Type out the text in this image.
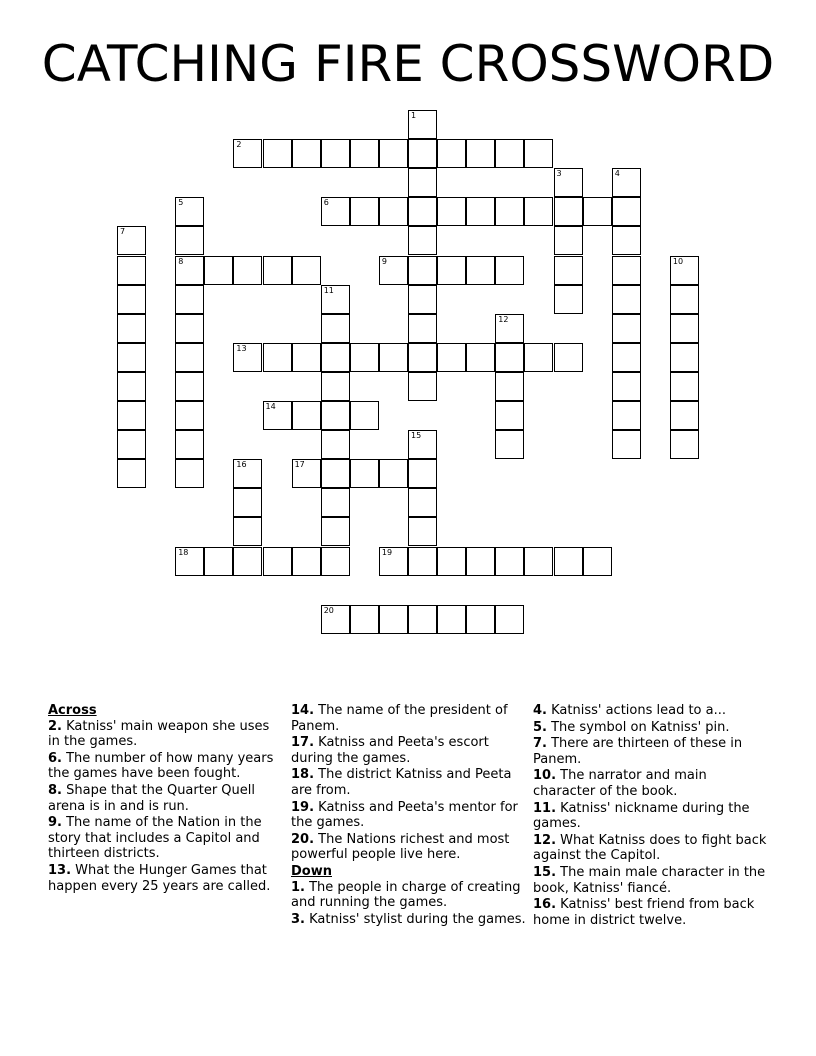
CATCHING FIRE CROSSWORD
1
2
3	4
5
8
6
7
9	10
11
12
13
14
15
16	17
18	19
20
Across
2. Katniss' main weapon she uses in the games.
6. The number of how many years the games have been fought.
8. Shape that the Quarter Quell arena is in and is run.
9. The name of the Nation in the story that includes a Capitol and thirteen districts.
13. What the Hunger Games that happen every 25 years are called.
14. The name of the president of Panem.
17. Katniss and Peeta's escort during the games.
18. The district Katniss and Peeta are from.
19. Katniss and Peeta's mentor for the games.
20. The Nations richest and most powerful people live here.
Down
1. The people in charge of creating and running the games.
3. Katniss' stylist during the games.
4. Katniss' actions lead to a...
5. The symbol on Katniss' pin.
7. There are thirteen of these in Panem.
10. The narrator and main character of the book.
11. Katniss' nickname during the games.
12. What Katniss does to fight back against the Capitol.
15. The main male character in the book, Katniss' fiancé.
16. Katniss' best friend from back home in district twelve.
